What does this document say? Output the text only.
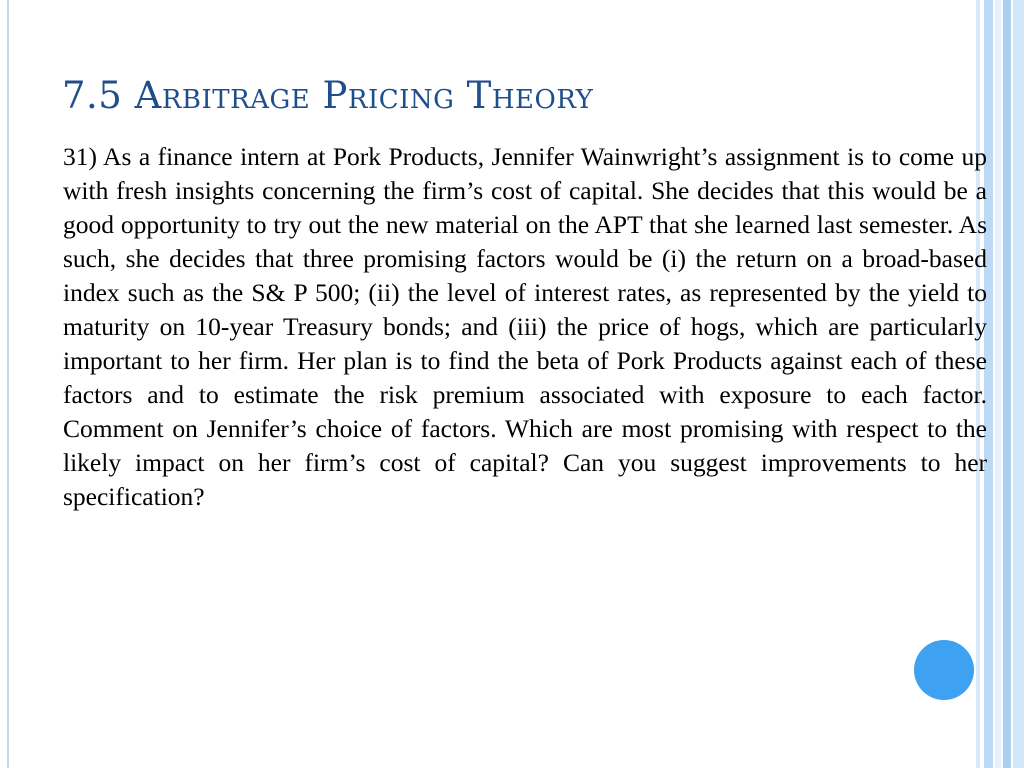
7.5 Arbitrage Pricing Theory

31) As a finance intern at Pork Products, Jennifer Wainwright’s assignment is to come up with fresh insights concerning the firm’s cost of capital. She decides that this would be a good opportunity to try out the new material on the APT that she learned last semester. As such, she decides that three promising factors would be (i) the return on a broad-based index such as the S& P 500; (ii) the level of interest rates, as represented by the yield to maturity on 10-year Treasury bonds; and (iii) the price of hogs, which are particularly important to her firm. Her plan is to find the beta of Pork Products against each of these factors and to estimate the risk premium associated with exposure to each factor. Comment on Jennifer’s choice of factors. Which are most promising with respect to the likely impact on her firm’s cost of capital? Can you suggest improvements to her specification?
